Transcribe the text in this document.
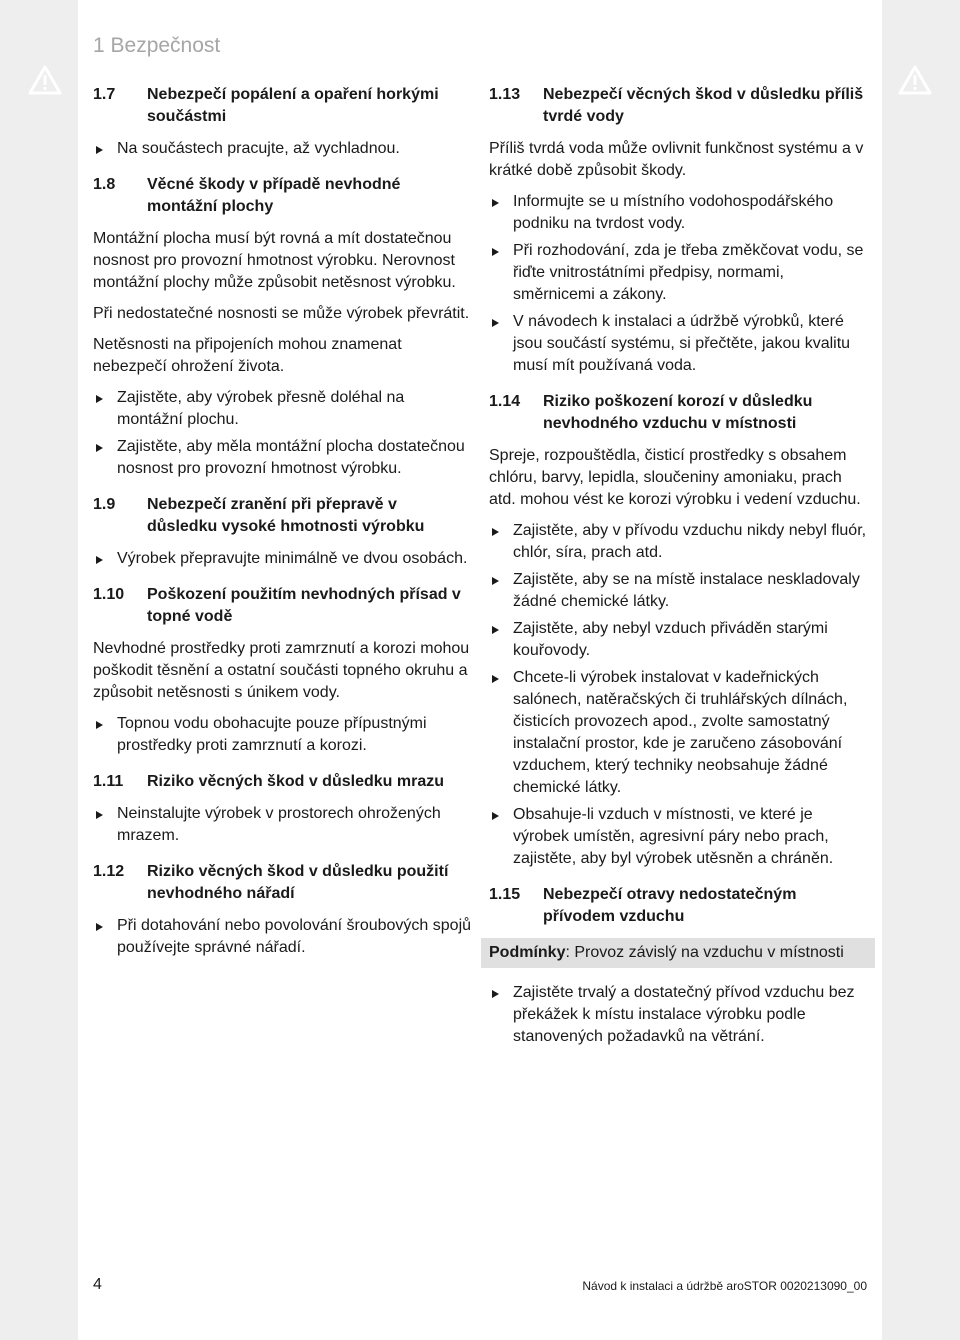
1 Bezpečnost
1.7	Nebezpečí popálení a opaření horkými součástmi
Na součástech pracujte, až vychladnou.
1.8	Věcné škody v případě nevhodné montážní plochy

Montážní plocha musí být rovná a mít dostatečnou nosnost pro provozní hmotnost výrobku. Nerovnost montážní plochy může způsobit netěsnost výrobku.

Při nedostatečné nosnosti se může výrobek převrátit.

Netěsnosti na připojeních mohou znamenat nebezpečí ohrožení života.

Zajistěte, aby výrobek přesně doléhal na montážní plochu.
Zajistěte, aby měla montážní plocha dostatečnou nosnost pro provozní hmotnost výrobku.
1.9	Nebezpečí zranění při přepravě v důsledku vysoké hmotnosti výrobku
Výrobek přepravujte minimálně ve dvou osobách.
1.10	Poškození použitím nevhodných přísad v topné vodě

Nevhodné prostředky proti zamrznutí a korozi mohou poškodit těsnění a ostatní součásti topného okruhu a způsobit netěsnosti s únikem vody.

Topnou vodu obohacujte pouze přípustnými prostředky proti zamrznutí a korozi.
1.11	Riziko věcných škod v důsledku mrazu
Neinstalujte výrobek v prostorech ohrožených mrazem.
1.12	Riziko věcných škod v důsledku použití nevhodného nářadí
Při dotahování nebo povolování šroubových spojů používejte správné nářadí.
1.13	Nebezpečí věcných škod v důsledku příliš tvrdé vody

Příliš tvrdá voda může ovlivnit funkčnost systému a v krátké době způsobit škody.

Informujte se u místního vodohospodářského podniku na tvrdost vody.
Při rozhodování, zda je třeba změkčovat vodu, se řiďte vnitrostátními předpisy, normami, směrnicemi a zákony.
V návodech k instalaci a údržbě výrobků, které jsou součástí systému, si přečtěte, jakou kvalitu musí mít používaná voda.
1.14	Riziko poškození korozí v důsledku nevhodného vzduchu v místnosti

Spreje, rozpouštědla, čisticí prostředky s obsahem chlóru, barvy, lepidla, sloučeniny amoniaku, prach atd. mohou vést ke korozi výrobku i vedení vzduchu.

Zajistěte, aby v přívodu vzduchu nikdy nebyl fluór, chlór, síra, prach atd.
Zajistěte, aby se na místě instalace neskladovaly žádné chemické látky.
Zajistěte, aby nebyl vzduch přiváděn starými kouřovody.
Chcete-li výrobek instalovat v kadeřnických salónech, natěračských či truhlářských dílnách, čisticích provozech apod., zvolte samostatný instalační prostor, kde je zaručeno zásobování vzduchem, který techniky neobsahuje žádné chemické látky.
Obsahuje-li vzduch v místnosti, ve které je výrobek umístěn, agresivní páry nebo prach, zajistěte, aby byl výrobek utěsněn a chráněn.
1.15	Nebezpečí otravy nedostatečným přívodem vzduchu
Podmínky: Provoz závislý na vzduchu v místnosti
Zajistěte trvalý a dostatečný přívod vzduchu bez překážek k místu instalace výrobku podle stanovených požadavků na větrání.
4	Návod k instalaci a údržbě aroSTOR 0020213090_00
